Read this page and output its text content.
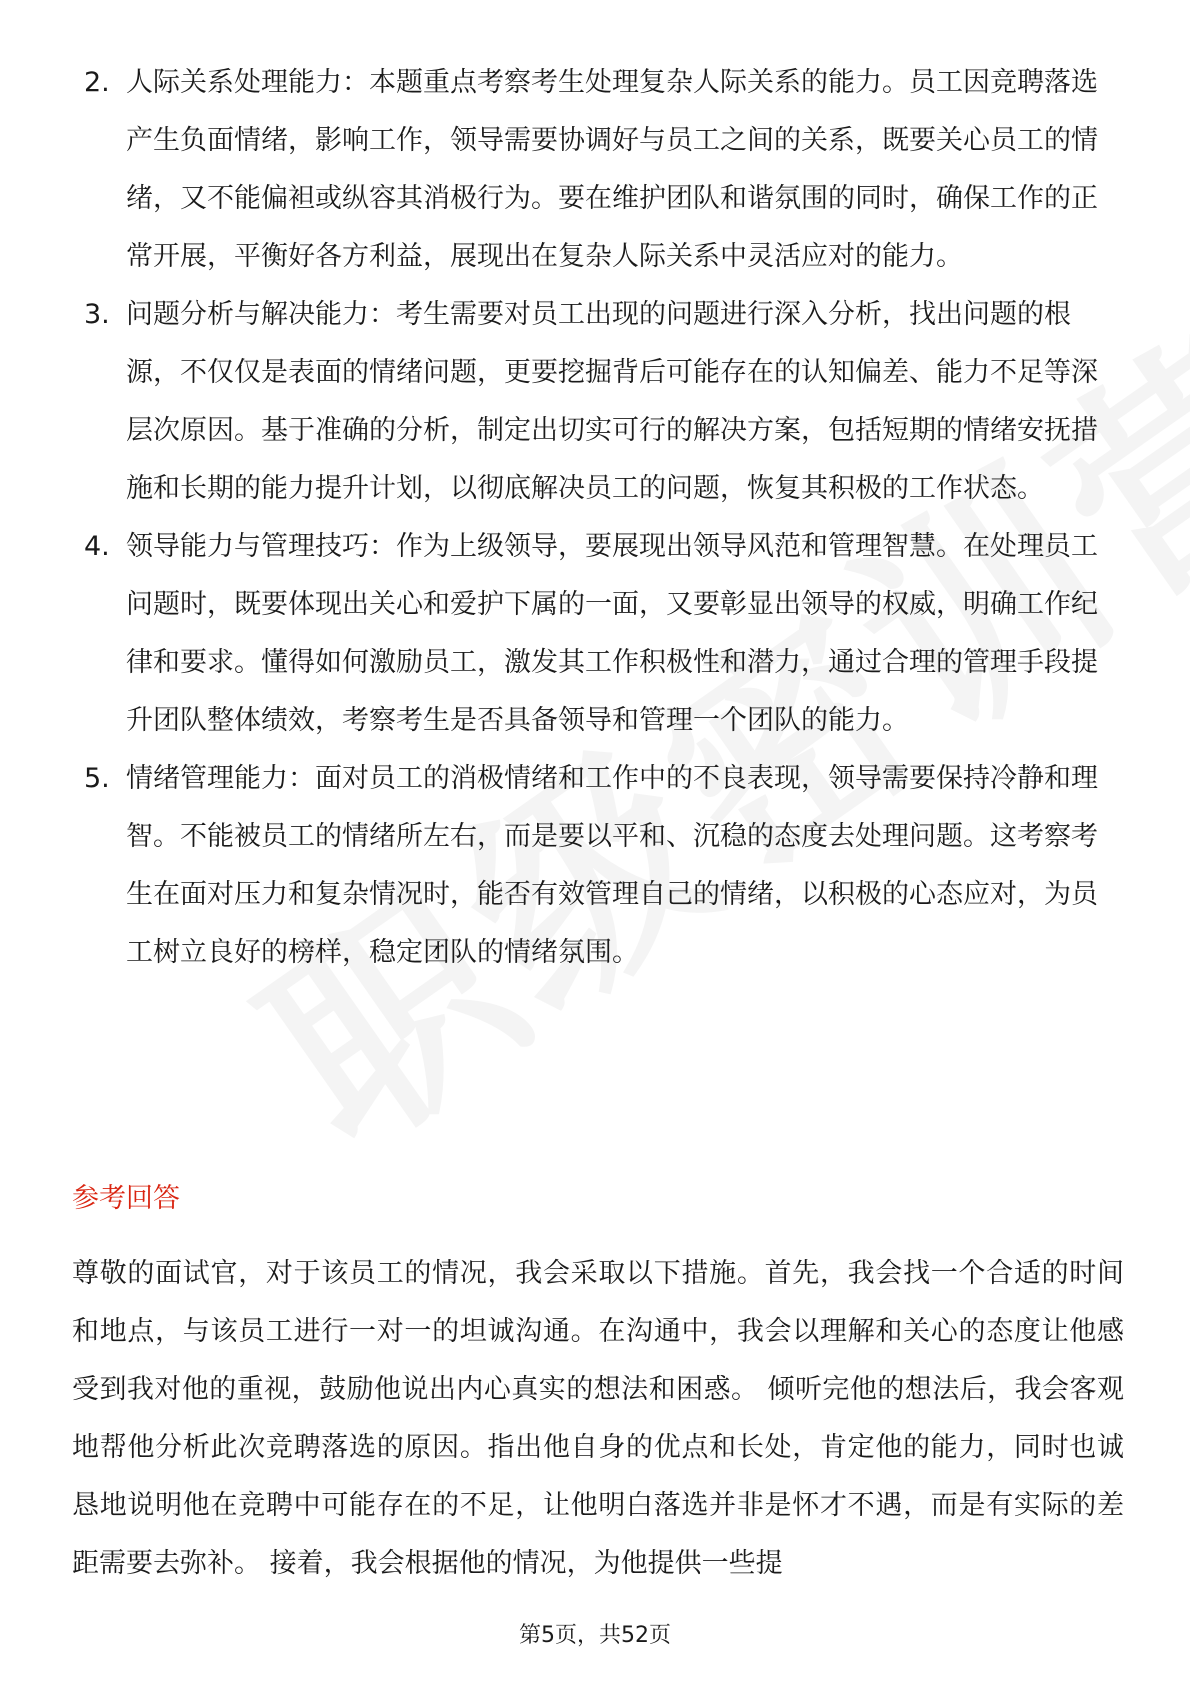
2. 人际关系处理能力：本题重点考察考生处理复杂人际关系的能力。员工因竞聘落选产生负面情绪，影响工作，领导需要协调好与员工之间的关系，既要关心员工的情绪，又不能偏袒或纵容其消极行为。要在维护团队和谐氛围的同时，确保工作的正常开展，平衡好各方利益，展现出在复杂人际关系中灵活应对的能力。
3. 问题分析与解决能力：考生需要对员工出现的问题进行深入分析，找出问题的根源，不仅仅是表面的情绪问题，更要挖掘背后可能存在的认知偏差、能力不足等深层次原因。基于准确的分析，制定出切实可行的解决方案，包括短期的情绪安抚措施和长期的能力提升计划，以彻底解决员工的问题，恢复其积极的工作状态。
4. 领导能力与管理技巧：作为上级领导，要展现出领导风范和管理智慧。在处理员工问题时，既要体现出关心和爱护下属的一面，又要彰显出领导的权威，明确工作纪律和要求。懂得如何激励员工，激发其工作积极性和潜力，通过合理的管理手段提升团队整体绩效，考察考生是否具备领导和管理一个团队的能力。
5. 情绪管理能力：面对员工的消极情绪和工作中的不良表现，领导需要保持冷静和理智。不能被员工的情绪所左右，而是要以平和、沉稳的态度去处理问题。这考察考生在面对压力和复杂情况时，能否有效管理自己的情绪，以积极的心态应对，为员工树立良好的榜样，稳定团队的情绪氛围。
参考回答

尊敬的面试官，对于该员工的情况，我会采取以下措施。首先，我会找一个合适的时间和地点，与该员工进行一对一的坦诚沟通。在沟通中，我会以理解和关心的态度让他感受到我对他的重视，鼓励他说出内心真实的想法和困惑。 倾听完他的想法后，我会客观地帮他分析此次竞聘落选的原因。指出他自身的优点和长处，肯定他的能力，同时也诚恳地说明他在竞聘中可能存在的不足，让他明白落选并非是怀才不遇，而是有实际的差距需要去弥补。 接着，我会根据他的情况，为他提供一些提

第5页，共52页
